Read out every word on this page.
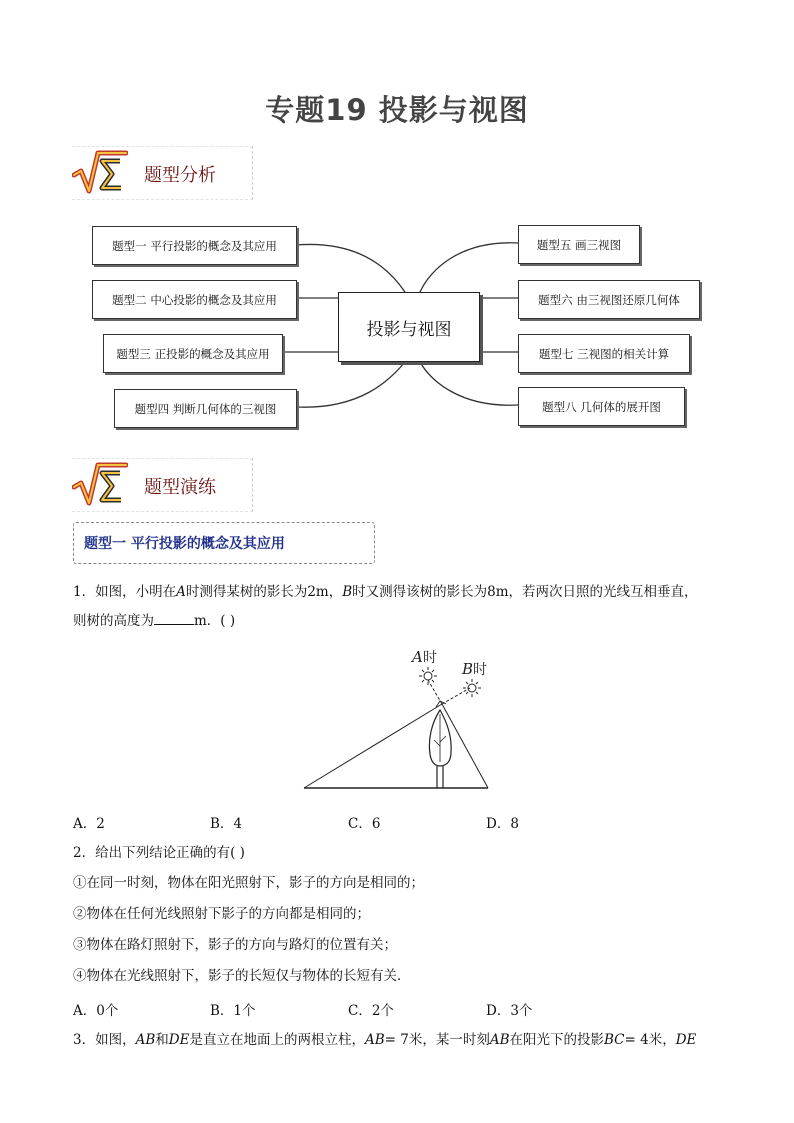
专题19 投影与视图
题型分析
题型一 平行投影的概念及其应用
题型二 中心投影的概念及其应用
题型三 正投影的概念及其应用
题型四 判断几何体的三视图
投影与视图
题型五 画三视图
题型六 由三视图还原几何体
题型七 三视图的相关计算
题型八 几何体的展开图
题型演练
题型一 平行投影的概念及其应用
1．如图，小明在A时测得某树的影长为2m，B时又测得该树的影长为8m，若两次日照的光线互相垂直，
则树的高度为	m．( )
A 时
B 时
A．2	B．4	C．6	D．8
2．给出下列结论正确的有( )
①在同一时刻，物体在阳光照射下，影子的方向是相同的；
②物体在任何光线照射下影子的方向都是相同的；
③物体在路灯照射下，影子的方向与路灯的位置有关；
④物体在光线照射下，影子的长短仅与物体的长短有关．
A．0个	B．1个	C．2个	D．3个
3．如图，AB和DE是直立在地面上的两根立柱，AB= 7米，某一时刻AB在阳光下的投影BC= 4米，DE
